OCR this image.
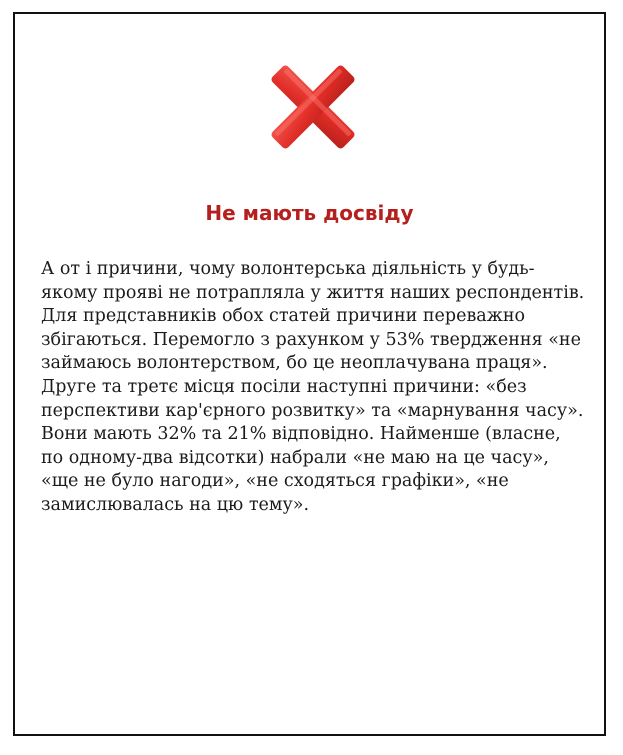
Не мають досвіду

А от і причини, чому волонтерська діяльність у будь-якому прояві не потрапляла у життя наших респондентів. Для представників обох статей причини переважно збігаються. Перемогло з рахунком у 53% твердження «не займаюсь волонтерством, бо це неоплачувана праця». Друге та третє місця посіли наступні причини: «без перспективи кар'єрного розвитку» та «марнування часу». Вони мають 32% та 21% відповідно. Найменше (власне, по одному-два відсотки) набрали «не маю на це часу», «ще не було нагоди», «не сходяться графіки», «не замислювалась на цю тему».
